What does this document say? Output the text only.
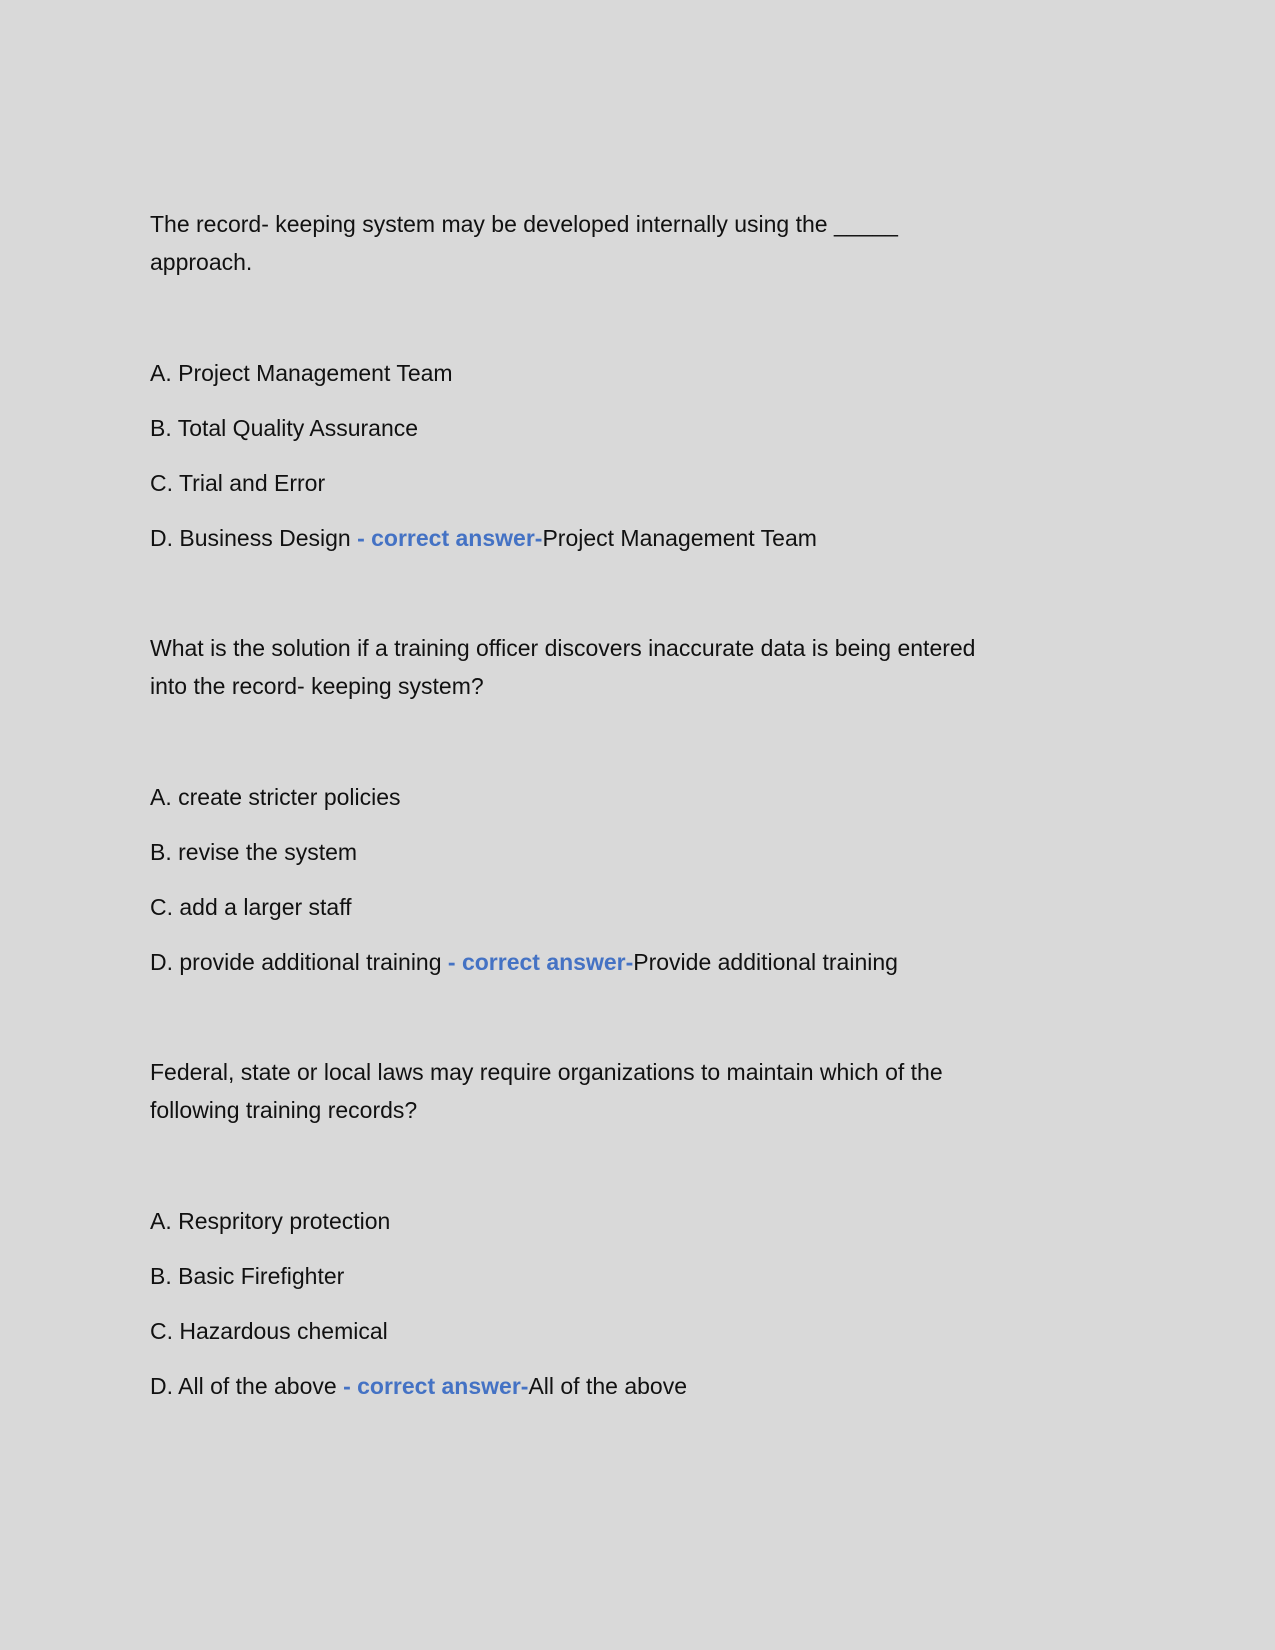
The record- keeping system may be developed internally using the _____
approach.
A. Project Management Team
B. Total Quality Assurance
C. Trial and Error
D. Business Design - correct answer-Project Management Team
What is the solution if a training officer discovers inaccurate data is being entered
into the record- keeping system?
A. create stricter policies
B. revise the system
C. add a larger staff
D. provide additional training - correct answer-Provide additional training
Federal, state or local laws may require organizations to maintain which of the
following training records?
A. Respritory protection
B. Basic Firefighter
C. Hazardous chemical
D. All of the above - correct answer-All of the above
